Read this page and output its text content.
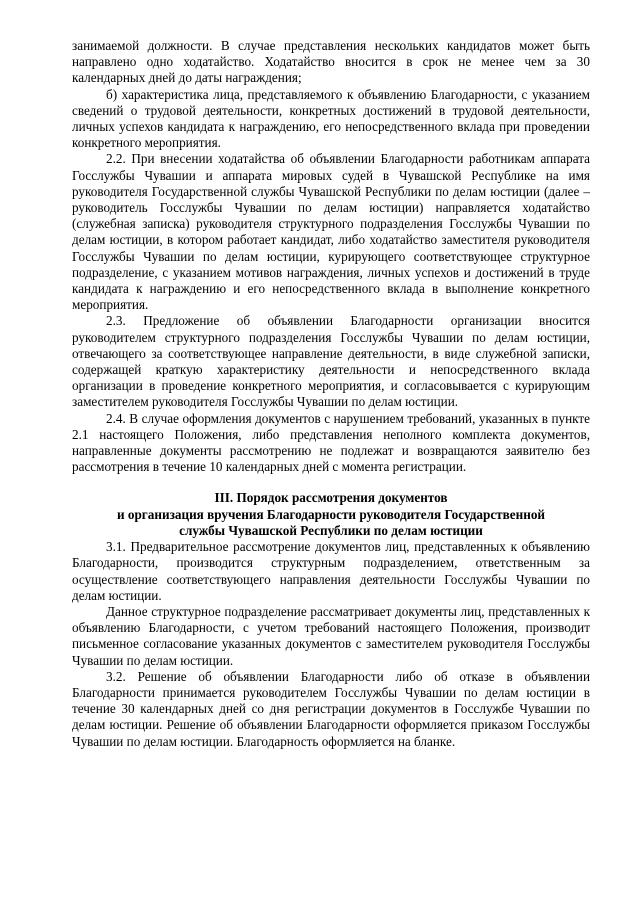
занимаемой должности. В случае представления нескольких кандидатов может быть направлено одно ходатайство. Ходатайство вносится в срок не менее чем за 30 календарных дней до даты награждения;

б) характеристика лица, представляемого к объявлению Благодарности, с указанием сведений о трудовой деятельности, конкретных достижений в трудовой деятельности, личных успехов кандидата к награждению, его непосредственного вклада при проведении конкретного мероприятия.

2.2. При внесении ходатайства об объявлении Благодарности работникам аппарата Госслужбы Чувашии и аппарата мировых судей в Чувашской Республике на имя руководителя Государственной службы Чувашской Республики по делам юстиции (далее – руководитель Госслужбы Чувашии по делам юстиции) направляется ходатайство (служебная записка) руководителя структурного подразделения Госслужбы Чувашии по делам юстиции, в котором работает кандидат, либо ходатайство заместителя руководителя Госслужбы Чувашии по делам юстиции, курирующего соответствующее структурное подразделение, с указанием мотивов награждения, личных успехов и достижений в труде кандидата к награждению и его непосредственного вклада в выполнение конкретного мероприятия.

2.3. Предложение об объявлении Благодарности организации вносится руководителем структурного подразделения Госслужбы Чувашии по делам юстиции, отвечающего за соответствующее направление деятельности, в виде служебной записки, содержащей краткую характеристику деятельности и непосредственного вклада организации в проведение конкретного мероприятия, и согласовывается с курирующим заместителем руководителя Госслужбы Чувашии по делам юстиции.

2.4. В случае оформления документов с нарушением требований, указанных в пункте 2.1 настоящего Положения, либо представления неполного комплекта документов, направленные документы рассмотрению не подлежат и возвращаются заявителю без рассмотрения в течение 10 календарных дней с момента регистрации.

III. Порядок рассмотрения документов

и организация вручения Благодарности руководителя Государственной

службы Чувашской Республики по делам юстиции

3.1. Предварительное рассмотрение документов лиц, представленных к объявлению Благодарности, производится структурным подразделением, ответственным за осуществление соответствующего направления деятельности Госслужбы Чувашии по делам юстиции.

Данное структурное подразделение рассматривает документы лиц, представленных к объявлению Благодарности, с учетом требований настоящего Положения, производит письменное согласование указанных документов с заместителем руководителя Госслужбы Чувашии по делам юстиции.

3.2. Решение об объявлении Благодарности либо об отказе в объявлении Благодарности принимается руководителем Госслужбы Чувашии по делам юстиции в течение 30 календарных дней со дня регистрации документов в Госслужбе Чувашии по делам юстиции. Решение об объявлении Благодарности оформляется приказом Госслужбы Чувашии по делам юстиции. Благодарность оформляется на бланке.
